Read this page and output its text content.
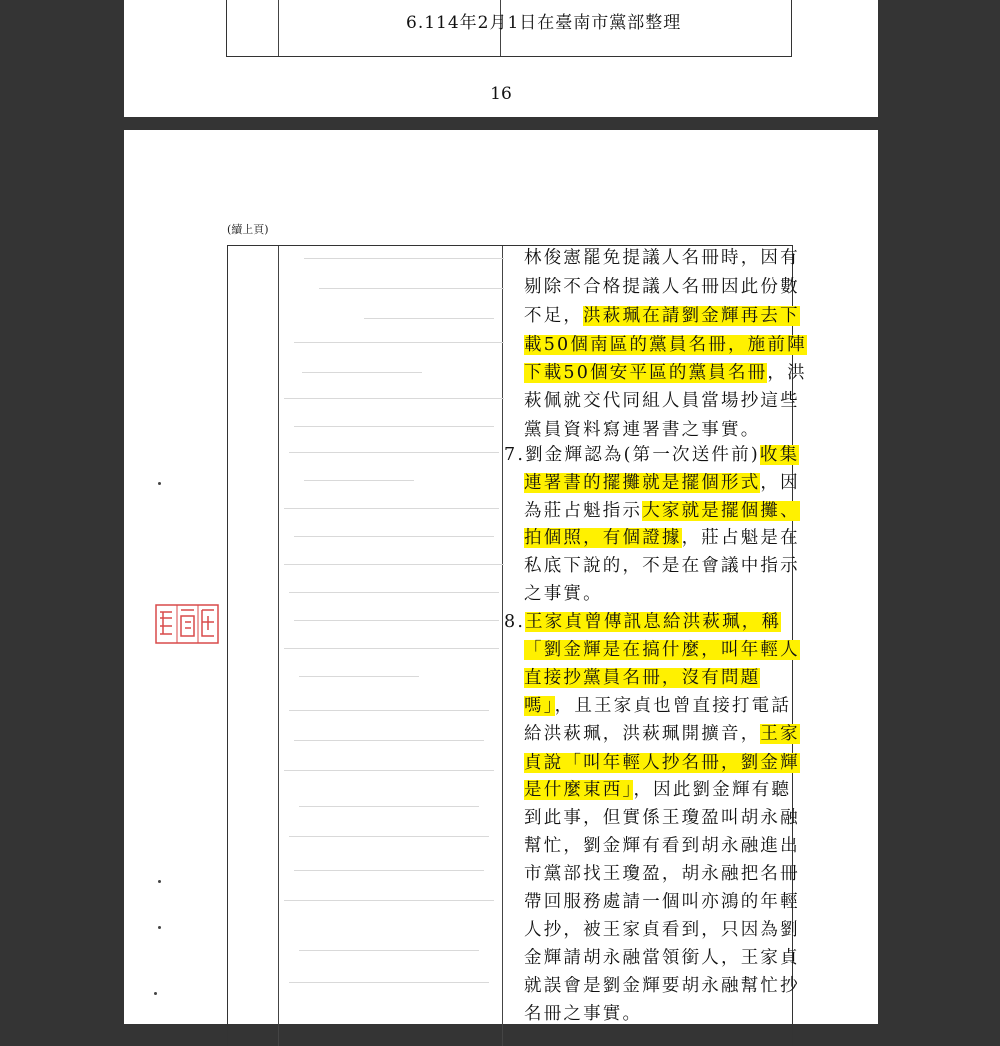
6.114年2月1日在臺南市黨部整理
16
(續上頁)
林俊憲罷免提議人名冊時，因有
剔除不合格提議人名冊因此份數
不足，洪萩珮在請劉金輝再去下
載50個南區的黨員名冊，施前陣
下載50個安平區的黨員名冊，洪
萩佩就交代同組人員當場抄這些
黨員資料寫連署書之事實。
7.劉金輝認為(第一次送件前)收集
連署書的擺攤就是擺個形式，因
為莊占魁指示大家就是擺個攤、
拍個照，有個證據，莊占魁是在
私底下說的，不是在會議中指示
之事實。
8.王家貞曾傳訊息給洪萩珮，稱
「劉金輝是在搞什麼，叫年輕人
直接抄黨員名冊，沒有問題
嗎」，且王家貞也曾直接打電話
給洪萩珮，洪萩珮開擴音，王家
貞說「叫年輕人抄名冊，劉金輝
是什麼東西」，因此劉金輝有聽
到此事，但實係王瓊盈叫胡永融
幫忙，劉金輝有看到胡永融進出
市黨部找王瓊盈，胡永融把名冊
帶回服務處請一個叫亦鴻的年輕
人抄，被王家貞看到，只因為劉
金輝請胡永融當領銜人，王家貞
就誤會是劉金輝要胡永融幫忙抄
名冊之事實。
